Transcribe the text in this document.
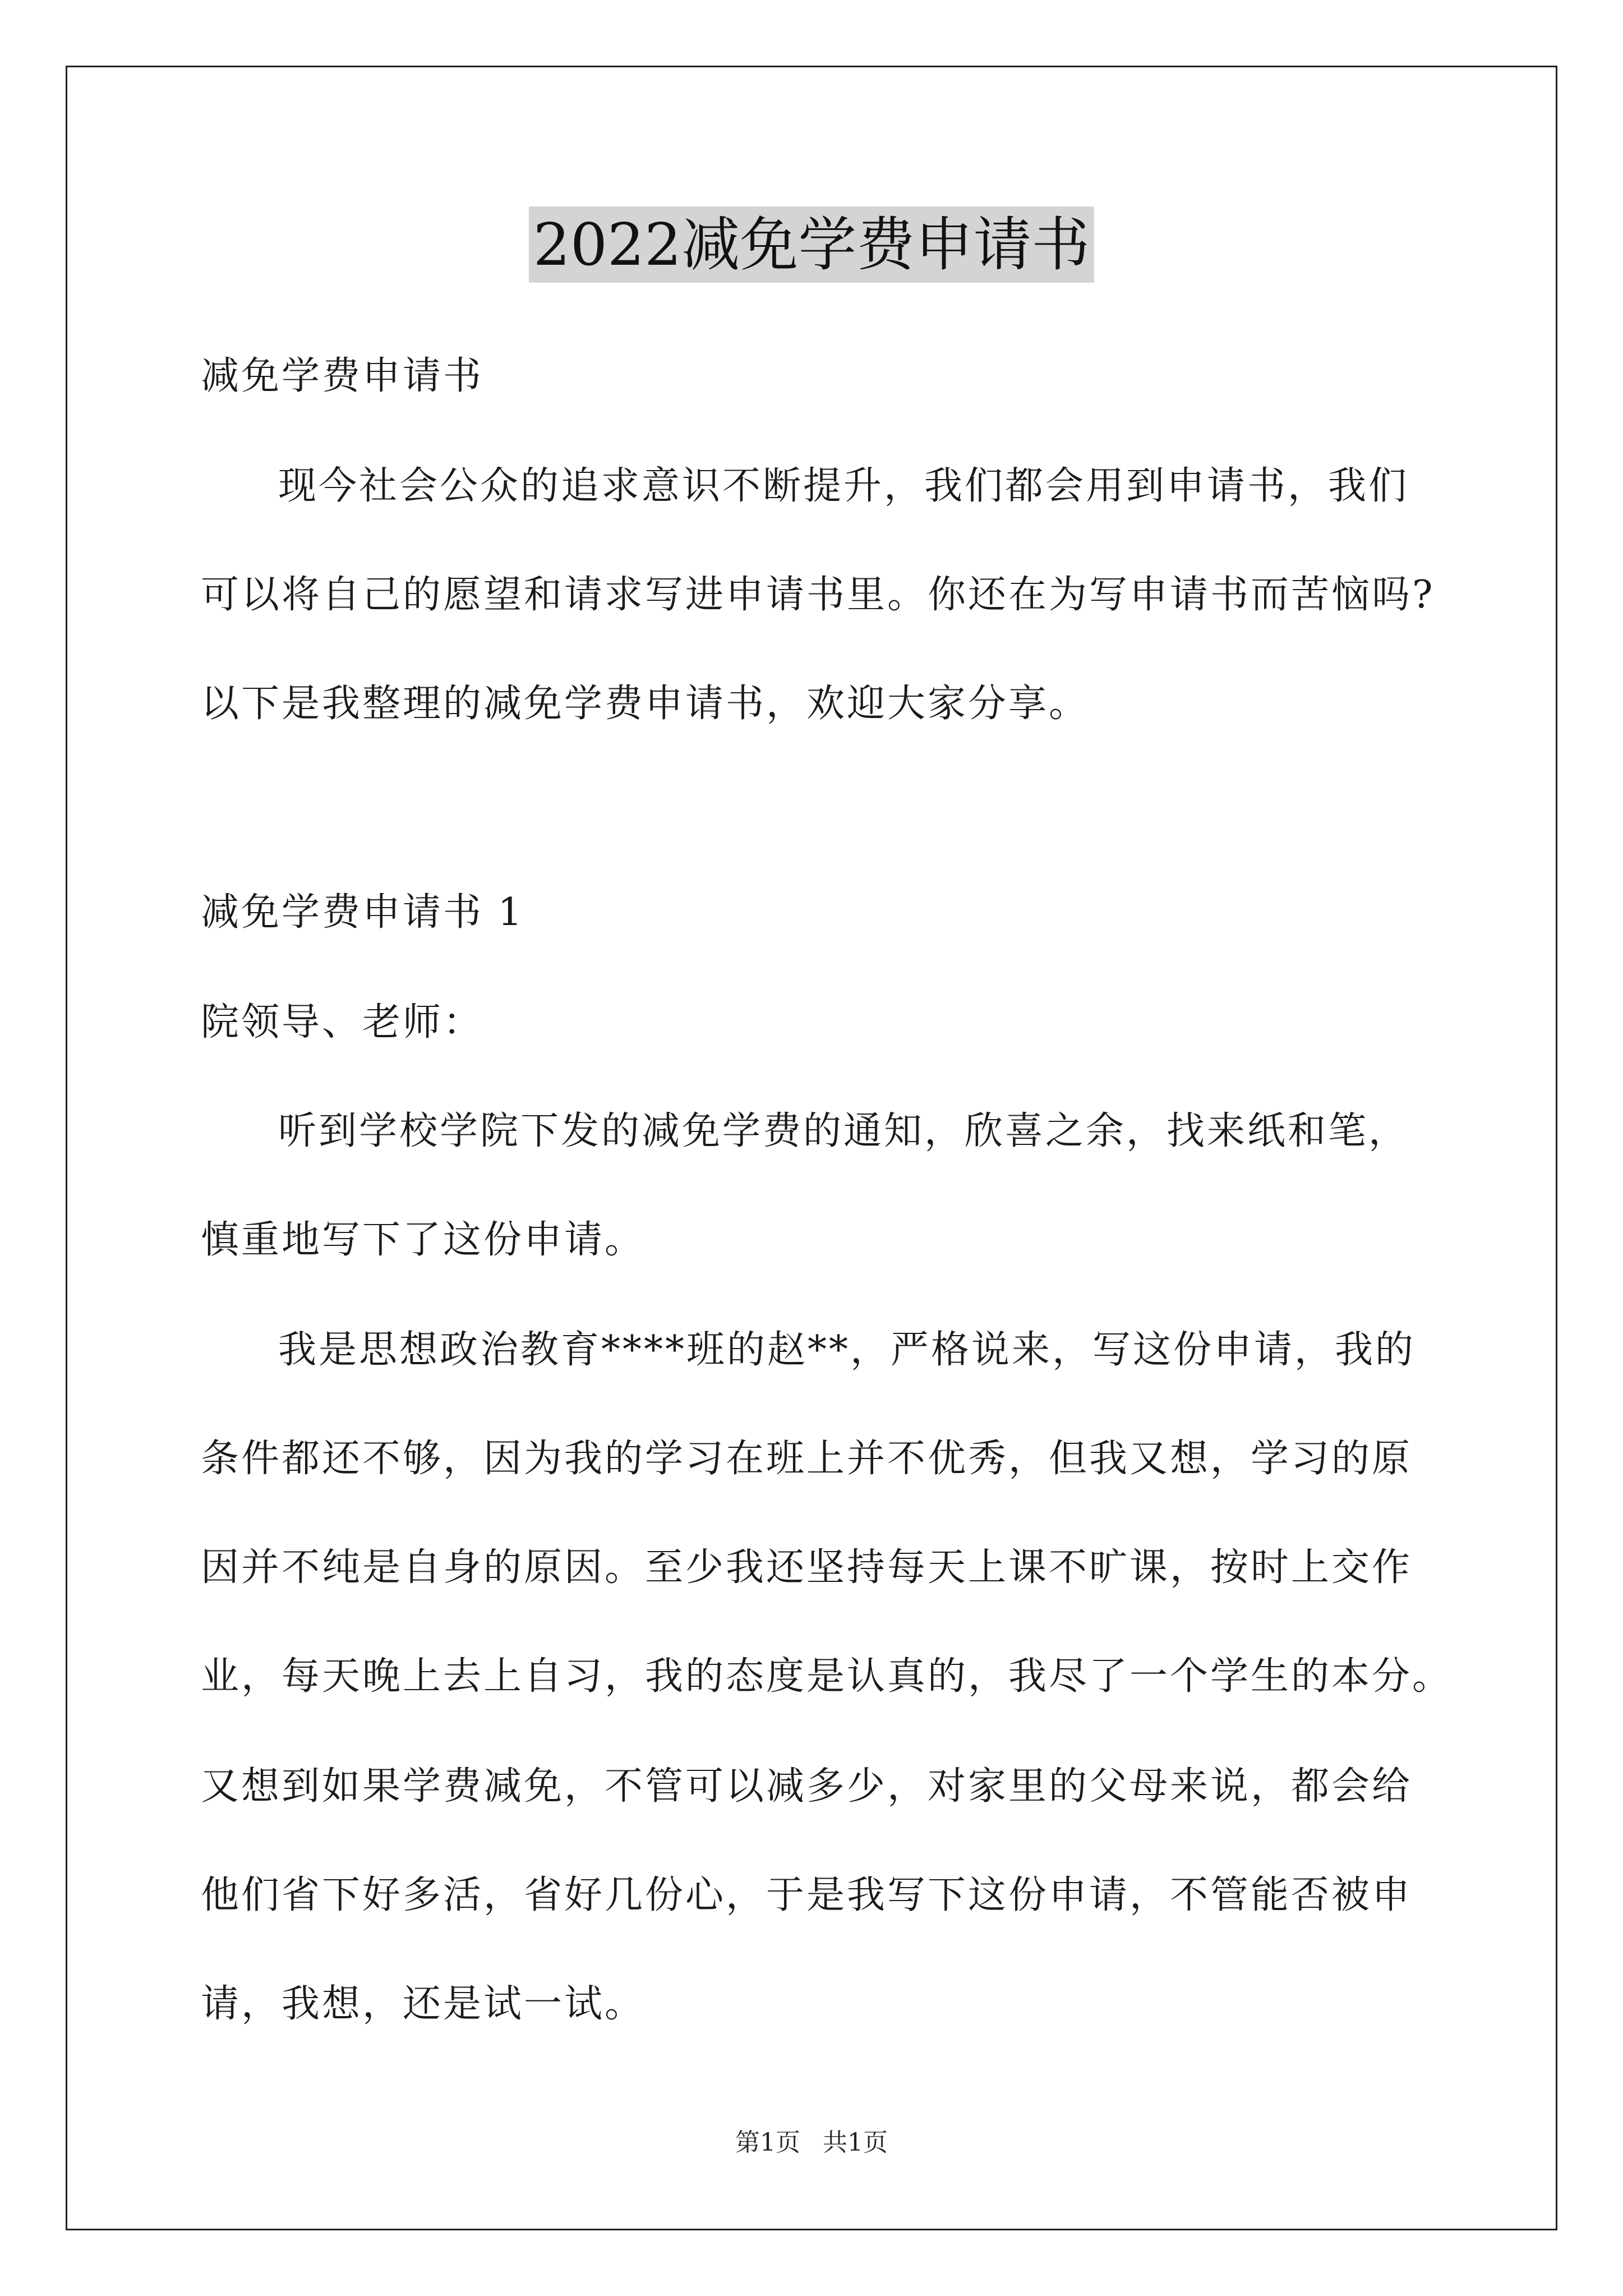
2022减免学费申请书
减免学费申请书
现今社会公众的追求意识不断提升，我们都会用到申请书，我们
可以将自己的愿望和请求写进申请书里。你还在为写申请书而苦恼吗?
以下是我整理的减免学费申请书，欢迎大家分享。
减免学费申请书 1
院领导、老师：
听到学校学院下发的减免学费的通知，欣喜之余，找来纸和笔，
慎重地写下了这份申请。
我是思想政治教育****班的赵**，严格说来，写这份申请，我的
条件都还不够，因为我的学习在班上并不优秀，但我又想，学习的原
因并不纯是自身的原因。至少我还坚持每天上课不旷课，按时上交作
业，每天晚上去上自习，我的态度是认真的，我尽了一个学生的本分。
又想到如果学费减免，不管可以减多少，对家里的父母来说，都会给
他们省下好多活，省好几份心，于是我写下这份申请，不管能否被申
请，我想，还是试一试。
第1页 共1页
